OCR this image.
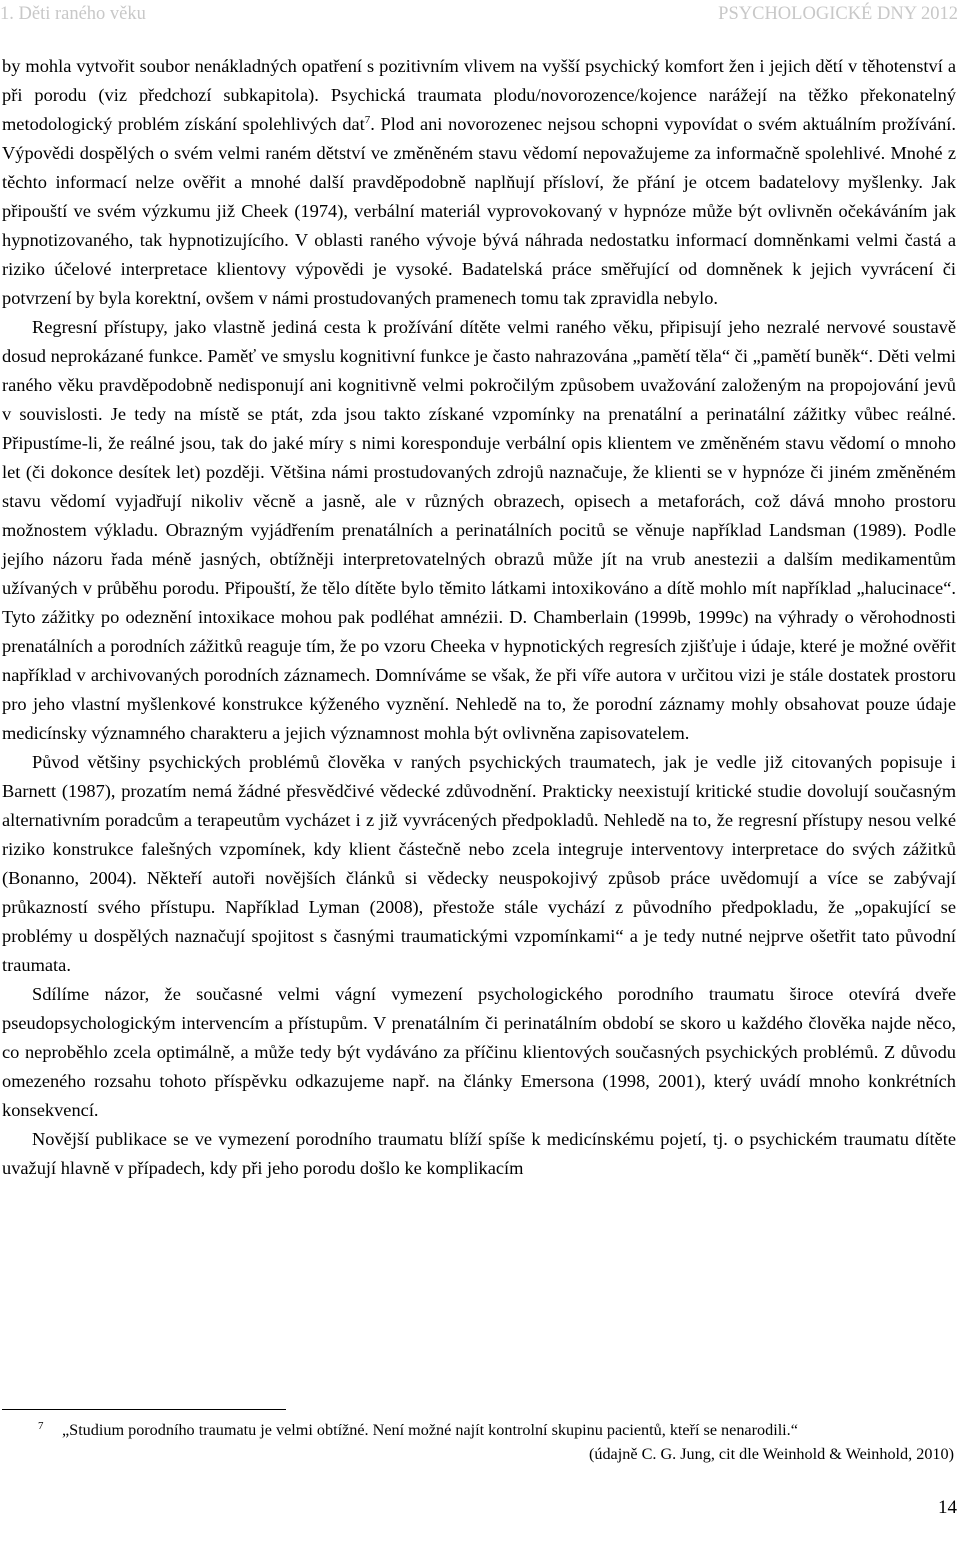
1. Děti raného věku	PSYCHOLOGICKÉ DNY 2012

by mohla vytvořit soubor nenákladných opatření s pozitivním vlivem na vyšší psychický komfort žen i jejich dětí v těhotenství a při porodu (viz předchozí subkapitola). Psychická traumata plodu/novorozence/kojence narážejí na těžko překonatelný metodologický problém získání spolehlivých dat$^7$. Plod ani novorozenec nejsou schopni vypovídat o svém aktuálním prožívání. Výpovědi dospělých o svém velmi raném dětství ve změněném stavu vědomí nepovažujeme za informačně spolehlivé. Mnohé z těchto informací nelze ověřit a mnohé další pravděpodobně naplňují přísloví, že přání je otcem badatelovy myšlenky. Jak připouští ve svém výzkumu již Cheek (1974), verbální materiál vyprovokovaný v hypnóze může být ovlivněn očekáváním jak hypnotizovaného, tak hypnotizujícího. V oblasti raného vývoje bývá náhrada nedostatku informací domněnkami velmi častá a riziko účelové interpretace klientovy výpovědi je vysoké. Badatelská práce směřující od domněnek k jejich vyvrácení či potvrzení by byla korektní, ovšem v námi prostudovaných pramenech tomu tak zpravidla nebylo.

Regresní přístupy, jako vlastně jediná cesta k prožívání dítěte velmi raného věku, připisují jeho nezralé nervové soustavě dosud neprokázané funkce. Paměť ve smyslu kognitivní funkce je často nahrazována „pamětí těla“ či „pamětí buněk“. Děti velmi raného věku pravděpodobně nedisponují ani kognitivně velmi pokročilým způsobem uvažování založeným na propojování jevů v souvislosti. Je tedy na místě se ptát, zda jsou takto získané vzpomínky na prenatální a perinatální zážitky vůbec reálné. Připustíme-li, že reálné jsou, tak do jaké míry s nimi koresponduje verbální opis klientem ve změněném stavu vědomí o mnoho let (či dokonce desítek let) později. Většina námi prostudovaných zdrojů naznačuje, že klienti se v hypnóze či jiném změněném stavu vědomí vyjadřují nikoliv věcně a jasně, ale v různých obrazech, opisech a metaforách, což dává mnoho prostoru možnostem výkladu. Obrazným vyjádřením prenatálních a perinatálních pocitů se věnuje například Landsman (1989). Podle jejího názoru řada méně jasných, obtížněji interpretovatelných obrazů může jít na vrub anestezii a dalším medikamentům užívaných v průběhu porodu. Připouští, že tělo dítěte bylo těmito látkami intoxikováno a dítě mohlo mít například „halucinace“. Tyto zážitky po odeznění intoxikace mohou pak podléhat amnézii. D. Chamberlain (1999b, 1999c) na výhrady o věrohodnosti prenatálních a porodních zážitků reaguje tím, že po vzoru Cheeka v hypnotických regresích zjišťuje i údaje, které je možné ověřit například v archivovaných porodních záznamech. Domníváme se však, že při víře autora v určitou vizi je stále dostatek prostoru pro jeho vlastní myšlenkové konstrukce kýženého vyznění. Nehledě na to, že porodní záznamy mohly obsahovat pouze údaje medicínsky významného charakteru a jejich významnost mohla být ovlivněna zapisovatelem.

Původ většiny psychických problémů člověka v raných psychických traumatech, jak je vedle již citovaných popisuje i Barnett (1987), prozatím nemá žádné přesvědčivé vědecké zdůvodnění. Prakticky neexistují kritické studie dovolují současným alternativním poradcům a terapeutům vycházet i z již vyvrácených předpokladů. Nehledě na to, že regresní přístupy nesou velké riziko konstrukce falešných vzpomínek, kdy klient částečně nebo zcela integruje interventovy interpretace do svých zážitků (Bonanno, 2004). Někteří autoři novějších článků si vědecky neuspokojivý způsob práce uvědomují a více se zabývají průkazností svého přístupu. Například Lyman (2008), přestože stále vychází z původního předpokladu, že „opakující se problémy u dospělých naznačují spojitost s časnými traumatickými vzpomínkami“ a je tedy nutné nejprve ošetřit tato původní traumata.

Sdílíme názor, že současné velmi vágní vymezení psychologického porodního traumatu široce otevírá dveře pseudopsychologickým intervencím a přístupům. V prenatálním či perinatálním období se skoro u každého člověka najde něco, co neproběhlo zcela optimálně, a může tedy být vydáváno za příčinu klientových současných psychických problémů. Z důvodu omezeného rozsahu tohoto příspěvku odkazujeme např. na články Emersona (1998, 2001), který uvádí mnoho konkrétních konsekvencí.

Novější publikace se ve vymezení porodního traumatu blíží spíše k medicínskému pojetí, tj. o psychickém traumatu dítěte uvažují hlavně v případech, kdy při jeho porodu došlo ke komplikacím

7	„Studium porodního traumatu je velmi obtížné. Není možné najít kontrolní skupinu pacientů, kteří se nenarodili.“
(údajně C. G. Jung, cit dle Weinhold & Weinhold, 2010)
14
